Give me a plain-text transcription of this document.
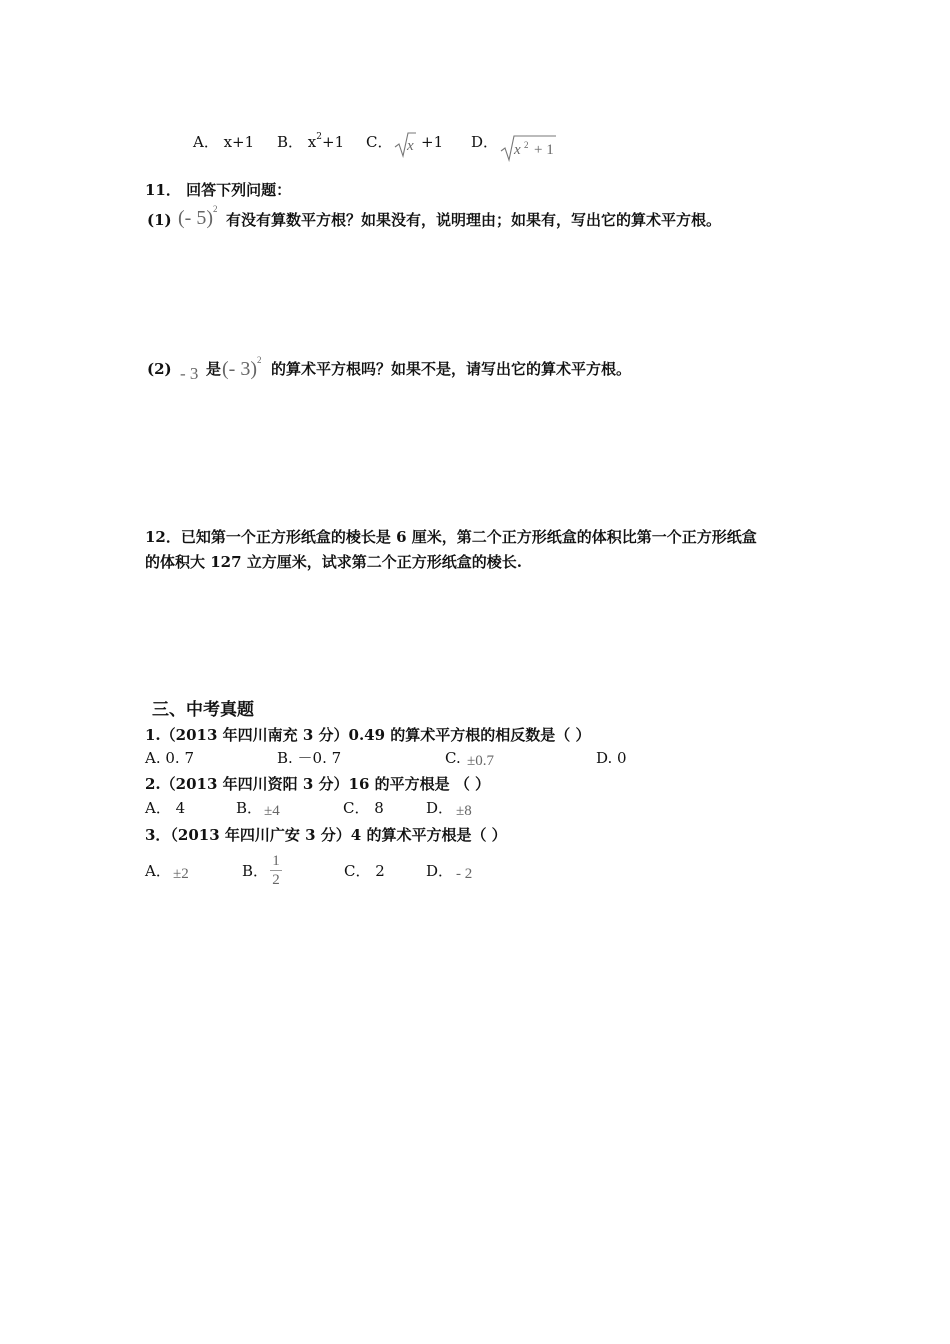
A． x+1 B． $x^2+1$ C． x +1 D． x 2 + 1
11． 回答下列问题：
(1) (- 5)$^2$
有没有算数平方根？如果没有，说明理由；如果有，写出它的算术平方根。
(2) - 3 是 (- 3)$^2$ 的算术平方根吗？如果不是，请写出它的算术平方根。
12．已知第一个正方形纸盒的棱长是 6 厘米，第二个正方形纸盒的体积比第一个正方形纸盒
的体积大 127 立方厘米，试求第二个正方形纸盒的棱长.
三、中考真题
1.（2013 年四川南充 3 分）0.49 的算术平方根的相反数是（ ）
A. 0. 7	B. －0. 7	C. ±0.7	D. 0
2.（2013 年四川资阳 3 分）16 的平方根是 （ ）
A． 4	B． ±4	C． 8	D． ±8
3．（2013 年四川广安 3 分）4 的算术平方根是（ ）
A． ±2	B． $\frac{1}{2}$	C． 2	D． - 2
